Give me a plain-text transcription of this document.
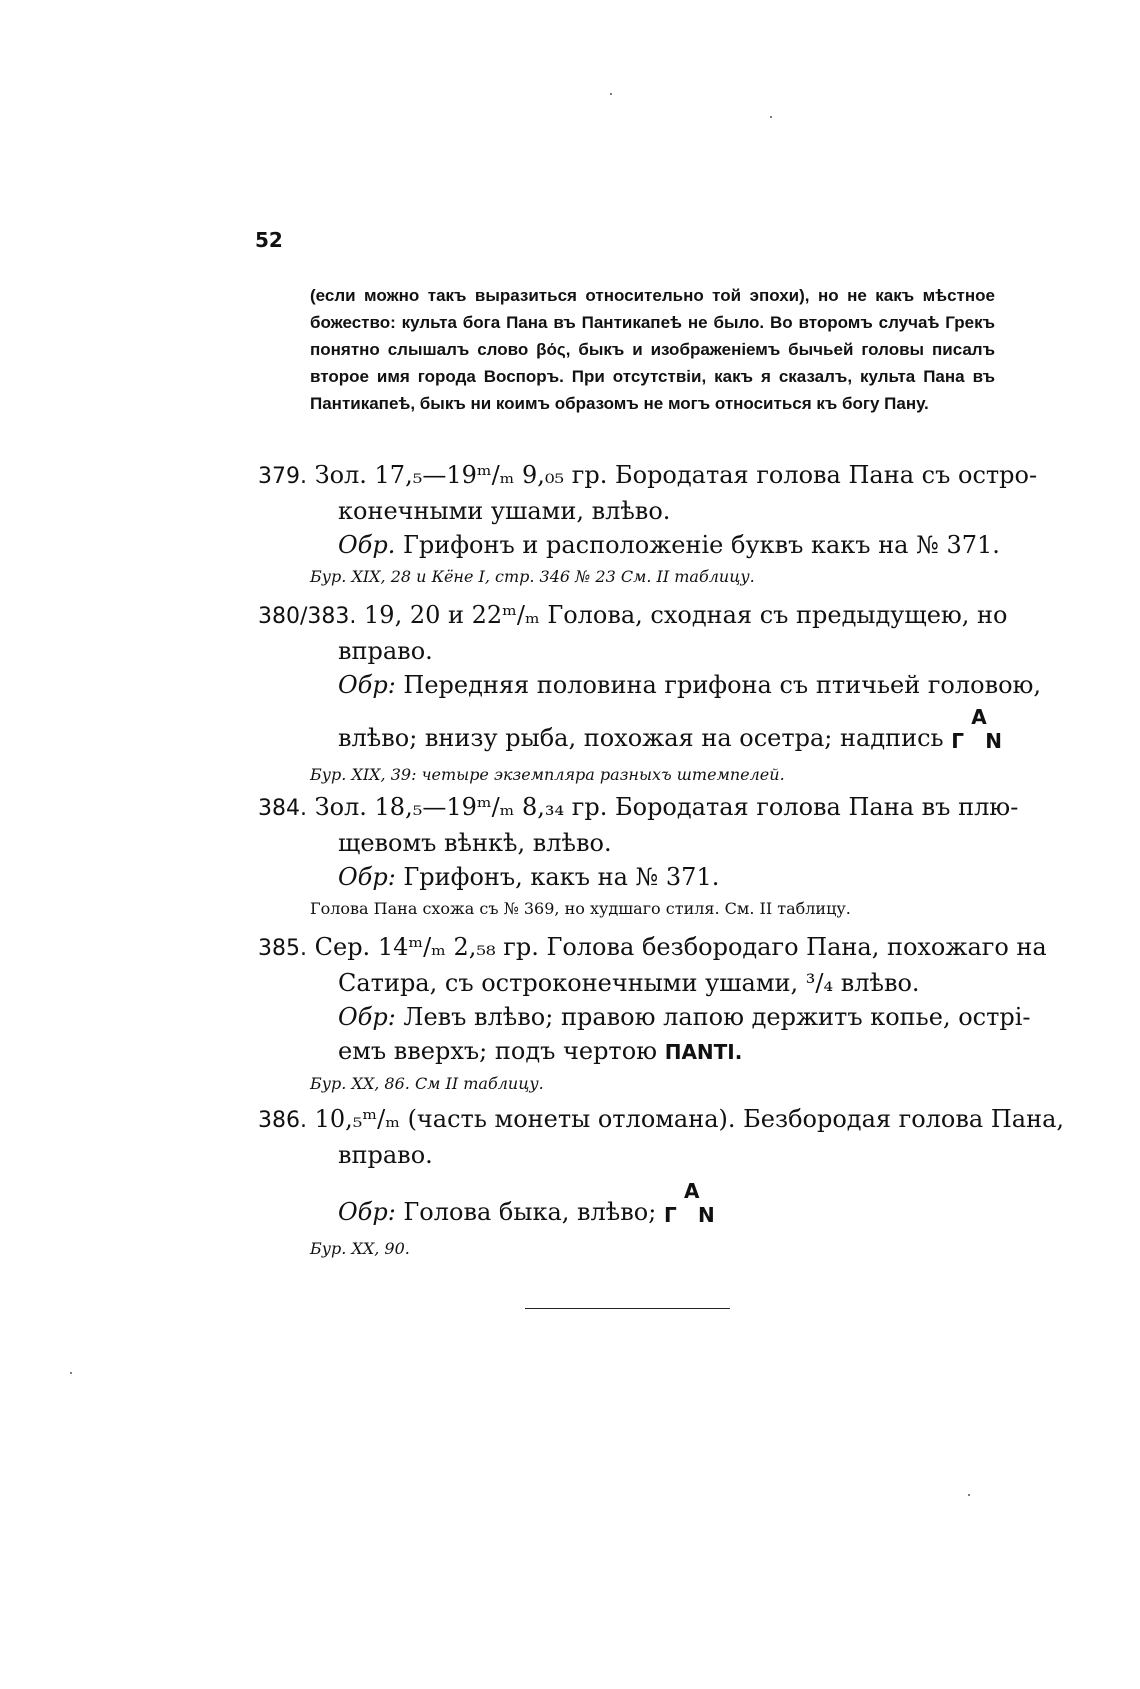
52

(если можно такъ выразиться относительно той эпохи), но не какъ мѣстное божество: культа бога Пана въ Пантикапеѣ не было. Во второмъ случаѣ Грекъ понятно слышалъ слово βός, быкъ и изображеніемъ бычьей головы писалъ второе имя города Воспоръ. При отсутствіи, какъ я сказалъ, культа Пана въ Пантикапеѣ, быкъ ни коимъ образомъ не могъ относиться къ богу Пану.

379. Зол. 17,₅—19ᵐ/ₘ 9,₀₅ гр. Бородатая голова Пана съ остро-

конечными ушами, влѣво.

Обр. Грифонъ и расположеніе буквъ какъ на № 371.

Бур. XIX, 28 и Кёне I, стр. 346 № 23 См. II таблицу.

380/383. 19, 20 и 22ᵐ/ₘ Голова, сходная съ предыдущею, но

вправо.

Обр: Передняя половина грифона съ птичьей головою,

влѣво; внизу рыба, похожая на осетра; надпись
А
Г N

Бур. XIX, 39: четыре экземпляра разныхъ штемпелей.

384. Зол. 18,₅—19ᵐ/ₘ 8,₃₄ гр. Бородатая голова Пана въ плю-

щевомъ вѣнкѣ, влѣво.

Обр: Грифонъ, какъ на № 371.

Голова Пана схожа съ № 369, но худшаго стиля. См. II таблицу.

385. Сер. 14ᵐ/ₘ 2,₅₈ гр. Голова безбородаго Пана, похожаго на

Сатира, съ остроконечными ушами, ³/₄ влѣво.

Обр: Левъ влѣво; правою лапою держитъ копье, острі-

емъ вверхъ; подъ чертою ПANTI.

Бур. XX, 86. См II таблицу.

386. 10,₅ᵐ/ₘ (часть монеты отломана). Безбородая голова Пана,

вправо.

Обр: Голова быка, влѣво;
А
Г N

Бур. XX, 90.
